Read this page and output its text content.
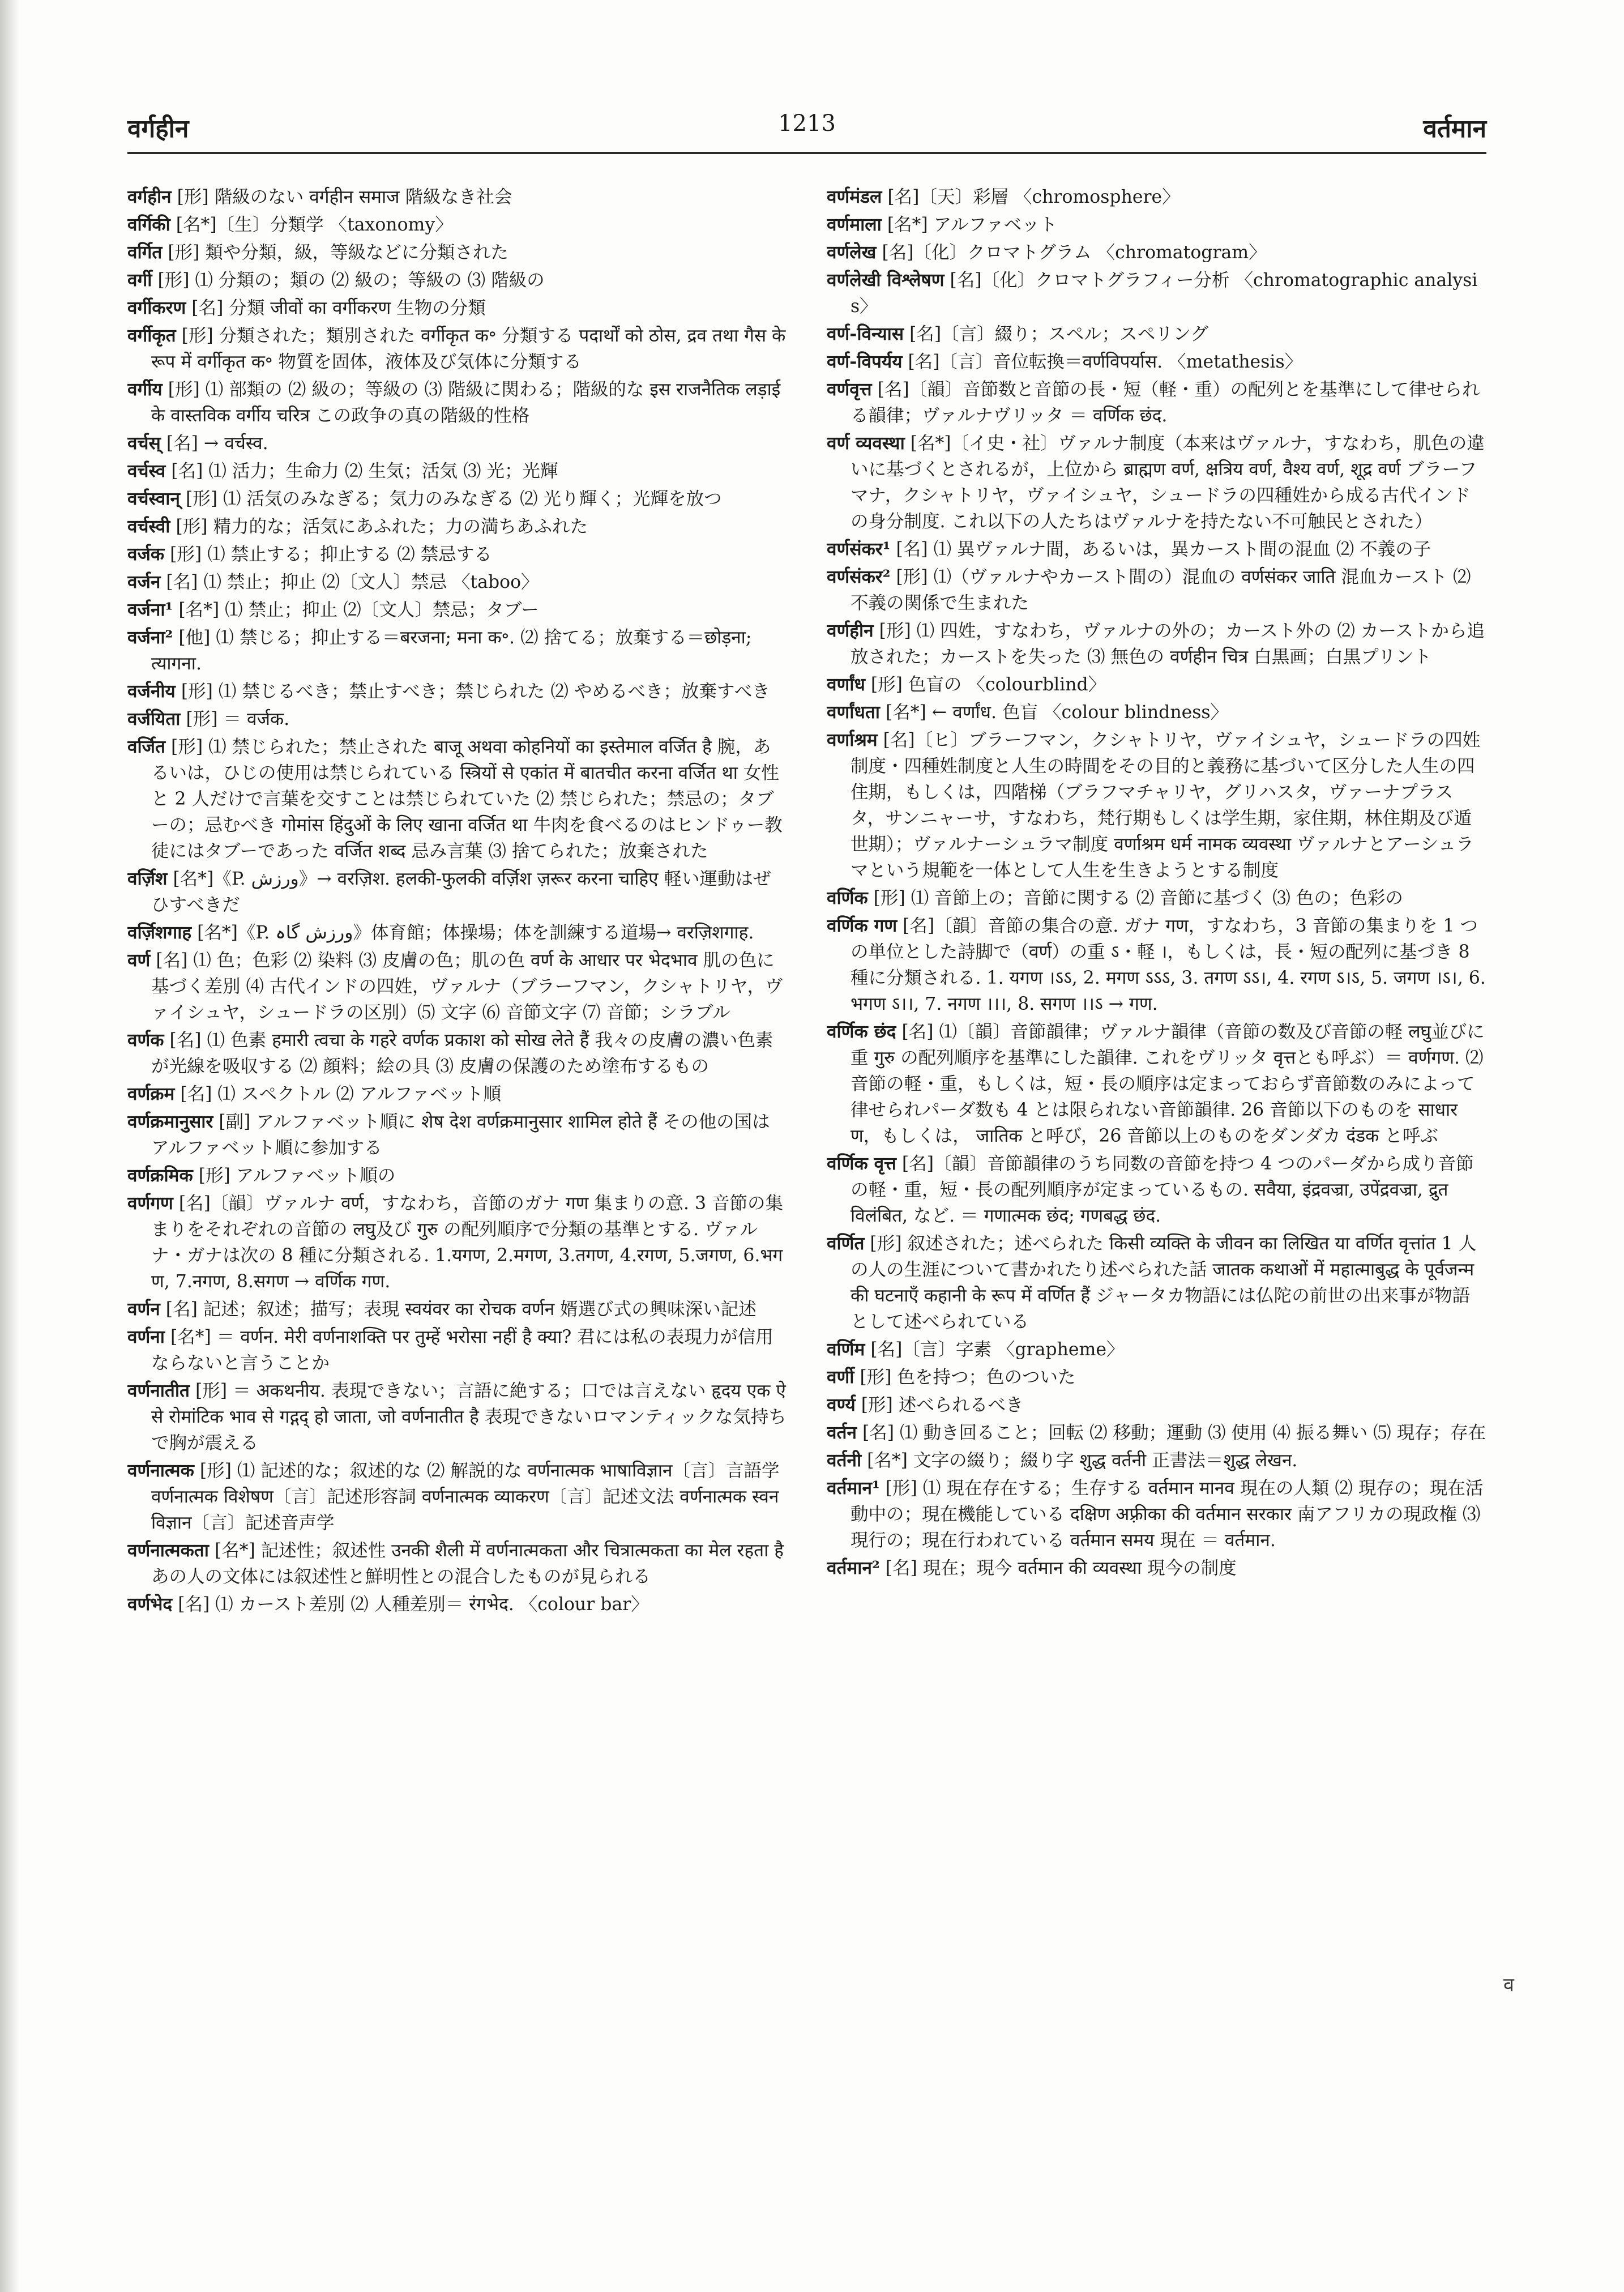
वर्गहीन	1213	वर्तमान
वर्गहीन [形] 階級のない वर्गहीन समाज 階級なき社会
वर्गिकी [名*]〔生〕分類学 〈taxonomy〉
वर्गित [形] 類や分類，級，等級などに分類された
वर्गी [形] ⑴ 分類の；類の ⑵ 級の；等級の ⑶ 階級の
वर्गीकरण [名] 分類 जीवों का वर्गीकरण 生物の分類
वर्गीकृत [形] 分類された；類別された वर्गीकृत क॰ 分類する पदार्थों को ठोस, द्रव तथा गैस के रूप में वर्गीकृत क॰ 物質を固体，液体及び気体に分類する
वर्गीय [形] ⑴ 部類の ⑵ 級の；等級の ⑶ 階級に関わる；階級的な इस राजनैतिक लड़ाई के वास्तविक वर्गीय चरित्र この政争の真の階級的性格
वर्चस् [名] → वर्चस्व.
वर्चस्व [名] ⑴ 活力；生命力 ⑵ 生気；活気 ⑶ 光；光輝
वर्चस्वान् [形] ⑴ 活気のみなぎる；気力のみなぎる ⑵ 光り輝く；光輝を放つ
वर्चस्वी [形] 精力的な；活気にあふれた；力の満ちあふれた
वर्जक [形] ⑴ 禁止する；抑止する ⑵ 禁忌する
वर्जन [名] ⑴ 禁止；抑止 ⑵〔文人〕禁忌 〈taboo〉
वर्जना¹ [名*] ⑴ 禁止；抑止 ⑵〔文人〕禁忌；タブー
वर्जना² [他] ⑴ 禁じる；抑止する＝बरजना; मना क॰. ⑵ 捨てる；放棄する＝छोड़ना; त्यागना.
वर्जनीय [形] ⑴ 禁じるべき；禁止すべき；禁じられた ⑵ やめるべき；放棄すべき
वर्जयिता [形] ＝ वर्जक.
वर्जित [形] ⑴ 禁じられた；禁止された बाजू अथवा कोहनियों का इस्तेमाल वर्जित है 腕，あるいは，ひじの使用は禁じられている स्त्रियों से एकांत में बातचीत करना वर्जित था 女性と 2 人だけで言葉を交すことは禁じられていた ⑵ 禁じられた；禁忌の；タブーの；忌むべき गोमांस हिंदुओं के लिए खाना वर्जित था 牛肉を食べるのはヒンドゥー教徒にはタブーであった वर्जित शब्द 忌み言葉 ⑶ 捨てられた；放棄された
वर्ज़िश [名*]《P. ورزش》→ वरज़िश. हलकी-फुलकी वर्ज़िश ज़रूर करना चाहिए 軽い運動はぜひすべきだ
वर्ज़िशगाह [名*]《P. ورزش گاہ》体育館；体操場；体を訓練する道場→ वरज़िशगाह.
वर्ण [名] ⑴ 色；色彩 ⑵ 染料 ⑶ 皮膚の色；肌の色 वर्ण के आधार पर भेदभाव 肌の色に基づく差別 ⑷ 古代インドの四姓，ヴァルナ（ブラーフマン，クシャトリヤ，ヴァイシュヤ，シュードラの区別）⑸ 文字 ⑹ 音節文字 ⑺ 音節；シラブル
वर्णक [名] ⑴ 色素 हमारी त्वचा के गहरे वर्णक प्रकाश को सोख लेते हैं 我々の皮膚の濃い色素が光線を吸収する ⑵ 顔料；絵の具 ⑶ 皮膚の保護のため塗布するもの
वर्णक्रम [名] ⑴ スペクトル ⑵ アルファベット順
वर्णक्रमानुसार [副] アルファベット順に शेष देश वर्णक्रमानुसार शामिल होते हैं その他の国はアルファベット順に参加する
वर्णक्रमिक [形] アルファベット順の
वर्णगण [名]〔韻〕ヴァルナ वर्ण，すなわち，音節のガナ गण 集まりの意. 3 音節の集まりをそれぞれの音節の लघु及び गुरु の配列順序で分類の基準とする. ヴァルナ・ガナは次の 8 種に分類される. 1.यगण, 2.मगण, 3.तगण, 4.रगण, 5.जगण, 6.भगण, 7.नगण, 8.सगण → वर्णिक गण.
वर्णन [名] 記述；叙述；描写；表現 स्वयंवर का रोचक वर्णन 婿選び式の興味深い記述
वर्णना [名*] ＝ वर्णन. मेरी वर्णनाशक्ति पर तुम्हें भरोसा नहीं है क्या? 君には私の表現力が信用ならないと言うことか
वर्णनातीत [形] ＝ अकथनीय. 表現できない；言語に絶する；口では言えない हृदय एक ऐसे रोमांटिक भाव से गद्गद् हो जाता, जो वर्णनातीत है 表現できないロマンティックな気持ちで胸が震える
वर्णनात्मक [形] ⑴ 記述的な；叙述的な ⑵ 解説的な वर्णनात्मक भाषाविज्ञान〔言〕言語学 वर्णनात्मक विशेषण〔言〕記述形容詞 वर्णनात्मक व्याकरण〔言〕記述文法 वर्णनात्मक स्वनविज्ञान〔言〕記述音声学
वर्णनात्मकता [名*] 記述性；叙述性 उनकी शैली में वर्णनात्मकता और चित्रात्मकता का मेल रहता है あの人の文体には叙述性と鮮明性との混合したものが見られる
वर्णभेद [名] ⑴ カースト差別 ⑵ 人種差別＝ रंगभेद. 〈colour bar〉
वर्णमंडल [名]〔天〕彩層 〈chromosphere〉
वर्णमाला [名*] アルファベット
वर्णलेख [名]〔化〕クロマトグラム 〈chromatogram〉
वर्णलेखी विश्लेषण [名]〔化〕クロマトグラフィー分析 〈chromatographic analysis〉
वर्ण-विन्यास [名]〔言〕綴り；スペル；スペリング
वर्ण-विपर्यय [名]〔言〕音位転換＝वर्णविपर्यास. 〈metathesis〉
वर्णवृत्त [名]〔韻〕音節数と音節の長・短（軽・重）の配列とを基準にして律せられる韻律；ヴァルナヴリッタ ＝ वर्णिक छंद.
वर्ण व्यवस्था [名*]〔イ史・社〕ヴァルナ制度（本来はヴァルナ，すなわち，肌色の違いに基づくとされるが，上位から ब्राह्मण वर्ण, क्षत्रिय वर्ण, वैश्य वर्ण, शूद्र वर्ण ブラーフマナ，クシャトリヤ，ヴァイシュヤ，シュードラの四種姓から成る古代インドの身分制度. これ以下の人たちはヴァルナを持たない不可触民とされた）
वर्णसंकर¹ [名] ⑴ 異ヴァルナ間，あるいは，異カースト間の混血 ⑵ 不義の子
वर्णसंकर² [形] ⑴（ヴァルナやカースト間の）混血の वर्णसंकर जाति 混血カースト ⑵ 不義の関係で生まれた
वर्णहीन [形] ⑴ 四姓，すなわち，ヴァルナの外の；カースト外の ⑵ カーストから追放された；カーストを失った ⑶ 無色の वर्णहीन चित्र 白黒画；白黒プリント
वर्णांध [形] 色盲の 〈colourblind〉
वर्णांधता [名*] ← वर्णांध. 色盲 〈colour blindness〉
वर्णाश्रम [名]〔ヒ〕ブラーフマン，クシャトリヤ，ヴァイシュヤ，シュードラの四姓制度・四種姓制度と人生の時間をその目的と義務に基づいて区分した人生の四住期，もしくは，四階梯（ブラフマチャリヤ，グリハスタ，ヴァーナプラスタ，サンニャーサ，すなわち，梵行期もしくは学生期，家住期，林住期及び遁世期）；ヴァルナーシュラマ制度 वर्णाश्रम धर्म नामक व्यवस्था ヴァルナとアーシュラマという規範を一体として人生を生きようとする制度
वर्णिक [形] ⑴ 音節上の；音節に関する ⑵ 音節に基づく ⑶ 色の；色彩の
वर्णिक गण [名]〔韻〕音節の集合の意. ガナ गण，すなわち，3 音節の集まりを 1 つの単位とした詩脚で（वर्ण）の重 ऽ・軽 ।，もしくは，長・短の配列に基づき 8 種に分類される. 1. यगण ।ऽऽ, 2. मगण ऽऽऽ, 3. तगण ऽऽ।, 4. रगण ऽ।ऽ, 5. जगण ।ऽ।, 6. भगण ऽ।।, 7. नगण ।।।, 8. सगण ।।ऽ → गण.
वर्णिक छंद [名] ⑴〔韻〕音節韻律；ヴァルナ韻律（音節の数及び音節の軽 लघु並びに重 गुरु の配列順序を基準にした韻律. これをヴリッタ वृत्तとも呼ぶ）＝ वर्णगण. ⑵ 音節の軽・重，もしくは，短・長の順序は定まっておらず音節数のみによって律せられパーダ数も 4 とは限られない音節韻律. 26 音節以下のものを साधारण，もしくは， जातिक と呼び，26 音節以上のものをダンダカ दंडक と呼ぶ
वर्णिक वृत्त [名]〔韻〕音節韻律のうち同数の音節を持つ 4 つのパーダから成り音節の軽・重，短・長の配列順序が定まっているもの. सवैया, इंद्रवज्रा, उपेंद्रवज्रा, द्रुतविलंबित, など. ＝ गणात्मक छंद; गणबद्ध छंद.
वर्णित [形] 叙述された；述べられた किसी व्यक्ति के जीवन का लिखित या वर्णित वृत्तांत 1 人の人の生涯について書かれたり述べられた話 जातक कथाओं में महात्माबुद्ध के पूर्वजन्म की घटनाएँ कहानी के रूप में वर्णित हैं ジャータカ物語には仏陀の前世の出来事が物語として述べられている
वर्णिम [名]〔言〕字素 〈grapheme〉
वर्णी [形] 色を持つ；色のついた
वर्ण्य [形] 述べられるべき
वर्तन [名] ⑴ 動き回ること；回転 ⑵ 移動；運動 ⑶ 使用 ⑷ 振る舞い ⑸ 現存；存在
वर्तनी [名*] 文字の綴り；綴り字 शुद्ध वर्तनी 正書法＝शुद्ध लेखन.
वर्तमान¹ [形] ⑴ 現在存在する；生存する वर्तमान मानव 現在の人類 ⑵ 現存の；現在活動中の；現在機能している दक्षिण अफ़्रीका की वर्तमान सरकार 南アフリカの現政権 ⑶ 現行の；現在行われている वर्तमान समय 現在 ＝ वर्तमान.
वर्तमान² [名] 現在；現今 वर्तमान की व्यवस्था 現今の制度
व
